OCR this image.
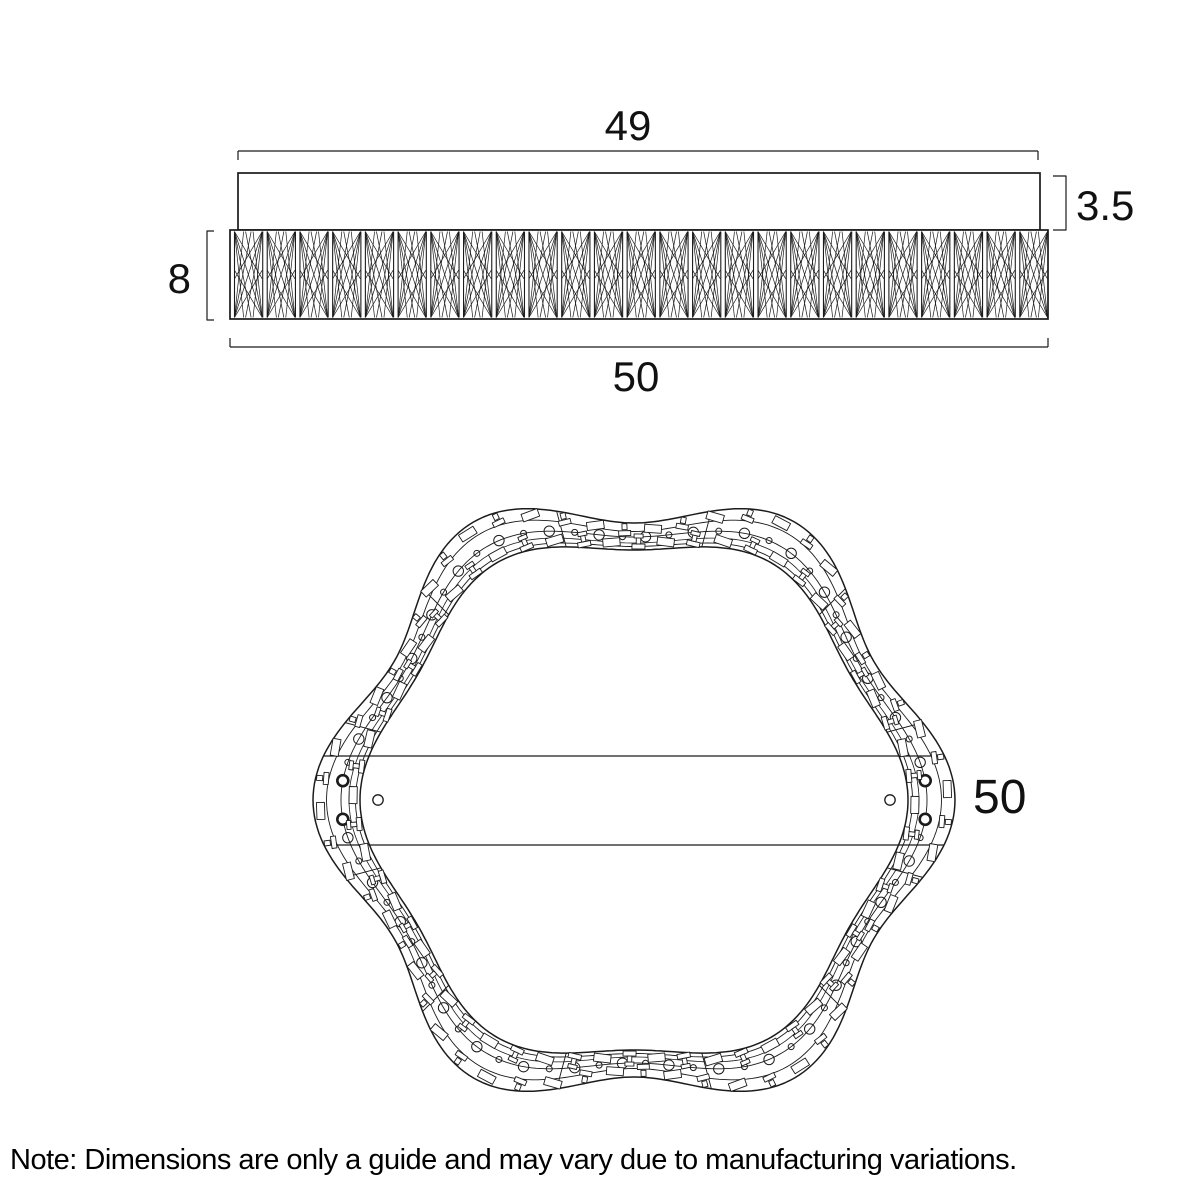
49
3.5
8
50
50
Note: Dimensions are only a guide and may vary due to manufacturing variations.
